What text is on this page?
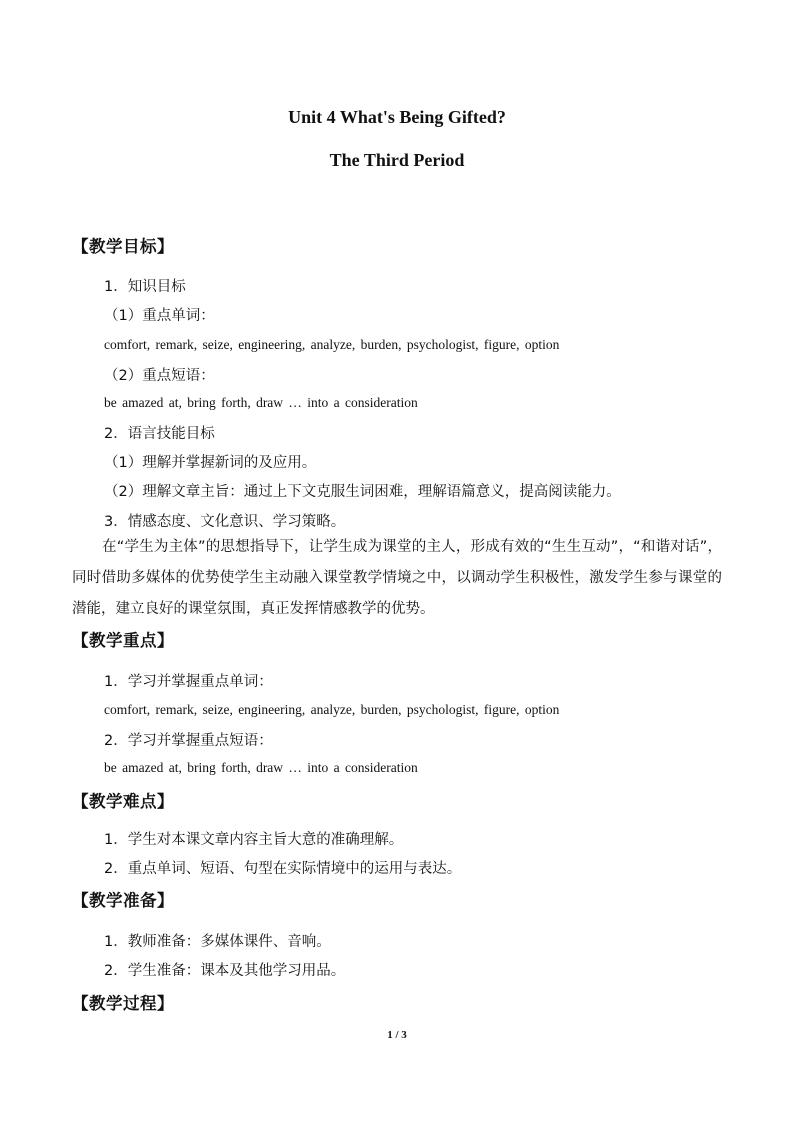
Unit 4 What's Being Gifted?
The Third Period
【教学目标】
1．知识目标
（1）重点单词：
comfort, remark, seize, engineering, analyze, burden, psychologist, figure, option
（2）重点短语：
be amazed at, bring forth, draw … into a consideration
2．语言技能目标
（1）理解并掌握新词的及应用。
（2）理解文章主旨：通过上下文克服生词困难，理解语篇意义，提高阅读能力。
3．情感态度、文化意识、学习策略。
在“学生为主体”的思想指导下，让学生成为课堂的主人，形成有效的“生生互动”，“和谐对话”，同时借助多媒体的优势使学生主动融入课堂教学情境之中，以调动学生积极性，激发学生参与课堂的潜能，建立良好的课堂氛围，真正发挥情感教学的优势。
【教学重点】
1．学习并掌握重点单词：
comfort, remark, seize, engineering, analyze, burden, psychologist, figure, option
2．学习并掌握重点短语：
be amazed at, bring forth, draw … into a consideration
【教学难点】
1．学生对本课文章内容主旨大意的准确理解。
2．重点单词、短语、句型在实际情境中的运用与表达。
【教学准备】
1．教师准备：多媒体课件、音响。
2．学生准备：课本及其他学习用品。
【教学过程】
1 / 3
